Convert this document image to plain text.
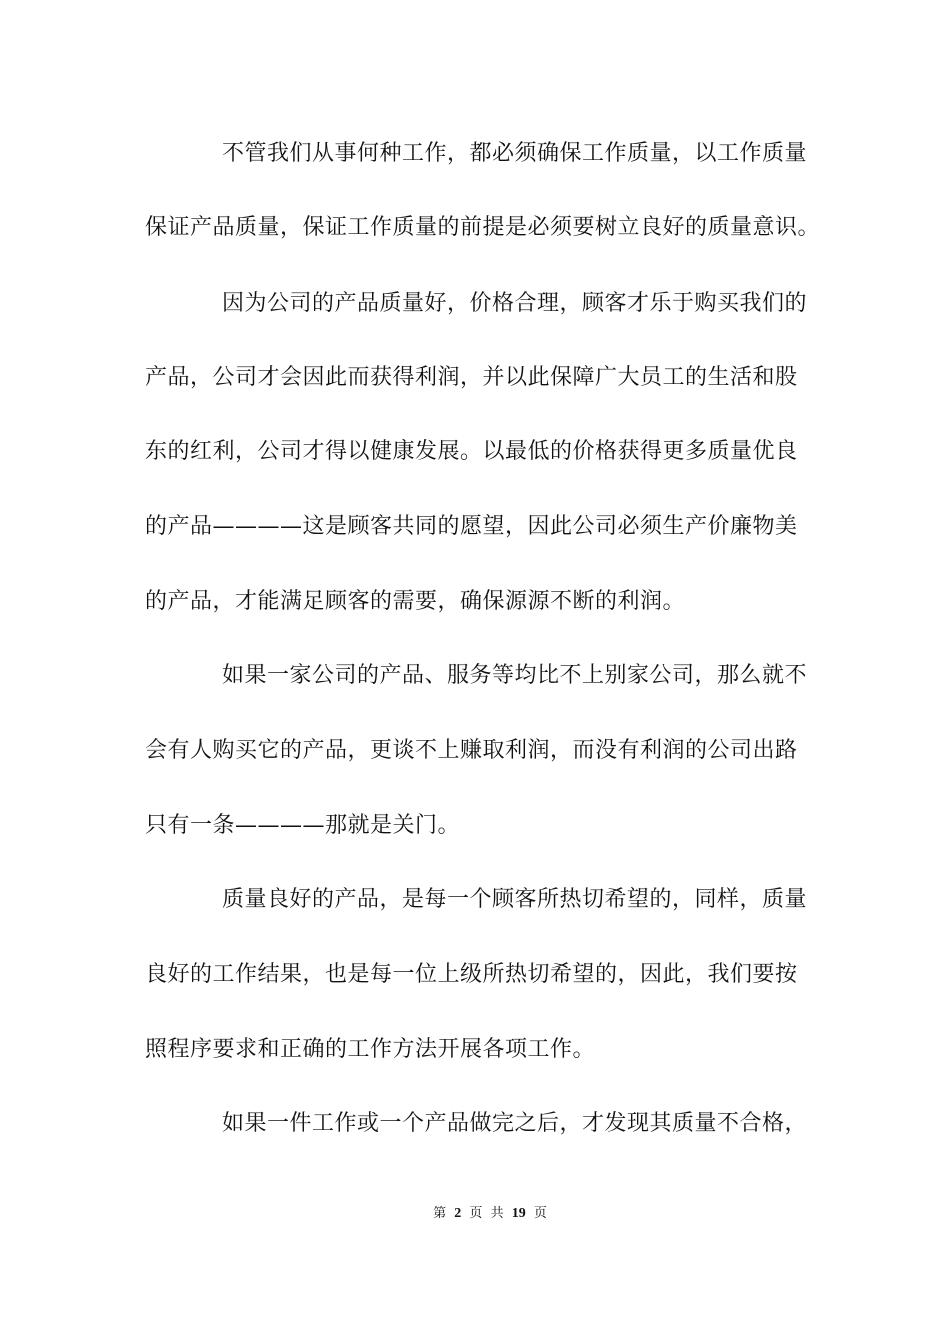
不管我们从事何种工作，都必须确保工作质量，以工作质量
保证产品质量，保证工作质量的前提是必须要树立良好的质量意识。
因为公司的产品质量好，价格合理，顾客才乐于购买我们的
产品，公司才会因此而获得利润，并以此保障广大员工的生活和股
东的红利，公司才得以健康发展。以最低的价格获得更多质量优良
的产品————这是顾客共同的愿望，因此公司必须生产价廉物美
的产品，才能满足顾客的需要，确保源源不断的利润。
如果一家公司的产品、服务等均比不上别家公司，那么就不
会有人购买它的产品，更谈不上赚取利润，而没有利润的公司出路
只有一条————那就是关门。
质量良好的产品，是每一个顾客所热切希望的，同样，质量
良好的工作结果，也是每一位上级所热切希望的，因此，我们要按
照程序要求和正确的工作方法开展各项工作。
如果一件工作或一个产品做完之后，才发现其质量不合格，
第 2 页 共 19 页
